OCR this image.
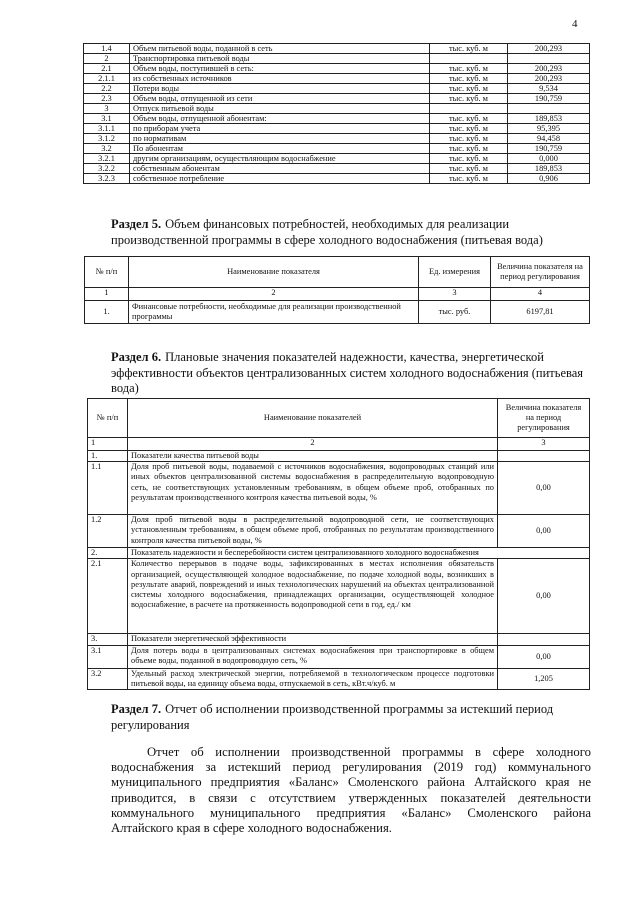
4
1.4	Объем питьевой воды, поданной в сеть	тыс. куб. м	200,293
2	Транспортировка питьевой воды		
2.1	Объем воды, поступившей в сеть:	тыс. куб. м	200,293
2.1.1	из собственных источников	тыс. куб. м	200,293
2.2	Потери воды	тыс. куб. м	9,534
2.3	Объем воды, отпущенной из сети	тыс. куб. м	190,759
3	Отпуск питьевой воды		
3.1	Объем воды, отпущенной абонентам:	тыс. куб. м	189,853
3.1.1	по приборам учета	тыс. куб. м	95,395
3.1.2	по нормативам	тыс. куб. м	94,458
3.2	По абонентам	тыс. куб. м	190,759
3.2.1	другим организациям, осуществляющим водоснабжение	тыс. куб. м	0,000
3.2.2	собственным абонентам	тыс. куб. м	189,853
3.2.3	собственное потребление	тыс. куб. м	0,906
Раздел 5. Объем финансовых потребностей, необходимых для реализации производственной программы в сфере холодного водоснабжения (питьевая вода)
№ п/п	Наименование показателя	Ед. измерения	Величина показателя на период регулирования
1	2	3	4
1.	Финансовые потребности, необходимые для реализации производственной программы	тыс. руб.	6197,81
Раздел 6. Плановые значения показателей надежности, качества, энергетической эффективности объектов централизованных систем холодного водоснабжения (питьевая вода)
№ п/п	Наименование показателей	Величина показателя на период регулирования
1	2	3
1.	Показатели качества питьевой воды	
1.1	Доля проб питьевой воды, подаваемой с источников водоснабжения, водопроводных станций или иных объектов централизованной системы водоснабжения в распределительную водопроводную сеть, не соответствующих установленным требованиям, в общем объеме проб, отобранных по результатам производственного контроля качества питьевой воды, %	0,00
1.2	Доля проб питьевой воды в распределительной водопроводной сети, не соответствующих установленным требованиям, в общем объеме проб, отобранных по результатам производственного контроля качества питьевой воды, %	0,00
2.	Показатель надежности и бесперебойности систем централизованного холодного водоснабжения	
2.1	Количество перерывов в подаче воды, зафиксированных в местах исполнения обязательств организацией, осуществляющей холодное водоснабжение, по подаче холодной воды, возникших в результате аварий, повреждений и иных технологических нарушений на объектах централизованной системы холодного водоснабжения, принадлежащих организации, осуществляющей холодное водоснабжение, в расчете на протяженность водопроводной сети в год, ед./ км	0,00
3.	Показатели энергетической эффективности	
3.1	Доля потерь воды в централизованных системах водоснабжения при транспортировке в общем объеме воды, поданной в водопроводную сеть, %	0,00
3.2	Удельный расход электрической энергии, потребляемой в технологическом процессе подготовки питьевой воды, на единицу объема воды, отпускаемой в сеть, кВт.ч/куб. м	1,205
Раздел 7. Отчет об исполнении производственной программы за истекший период регулирования
Отчет об исполнении производственной программы в сфере холодного водоснабжения за истекший период регулирования (2019 год) коммунального муниципального предприятия «Баланс» Смоленского района Алтайского края не приводится, в связи с отсутствием утвержденных показателей деятельности коммунального муниципального предприятия «Баланс» Смоленского района Алтайского края в сфере холодного водоснабжения.
